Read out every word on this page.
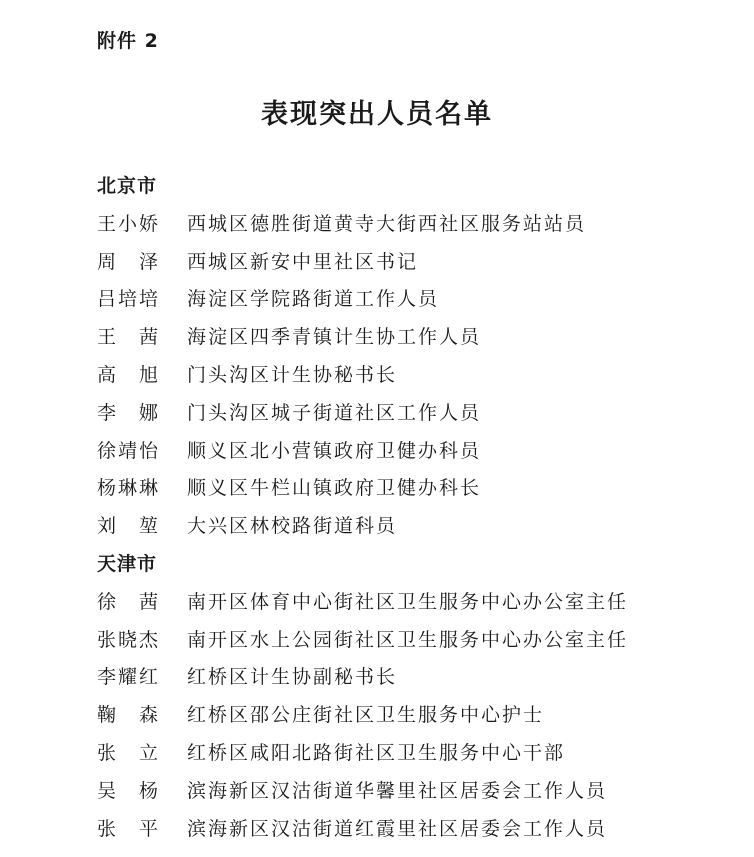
附件 2
表现突出人员名单
北京市
王小娇	西城区德胜街道黄寺大街西社区服务站站员
周　泽	西城区新安中里社区书记
吕培培	海淀区学院路街道工作人员
王　茜	海淀区四季青镇计生协工作人员
高　旭	门头沟区计生协秘书长
李　娜	门头沟区城子街道社区工作人员
徐靖怡	顺义区北小营镇政府卫健办科员
杨琳琳	顺义区牛栏山镇政府卫健办科长
刘　堃	大兴区林校路街道科员
天津市
徐　茜	南开区体育中心街社区卫生服务中心办公室主任
张晓杰	南开区水上公园街社区卫生服务中心办公室主任
李耀红	红桥区计生协副秘书长
鞠　森	红桥区邵公庄街社区卫生服务中心护士
张　立	红桥区咸阳北路街社区卫生服务中心干部
吴　杨	滨海新区汉沽街道华馨里社区居委会工作人员
张　平	滨海新区汉沽街道红霞里社区居委会工作人员
